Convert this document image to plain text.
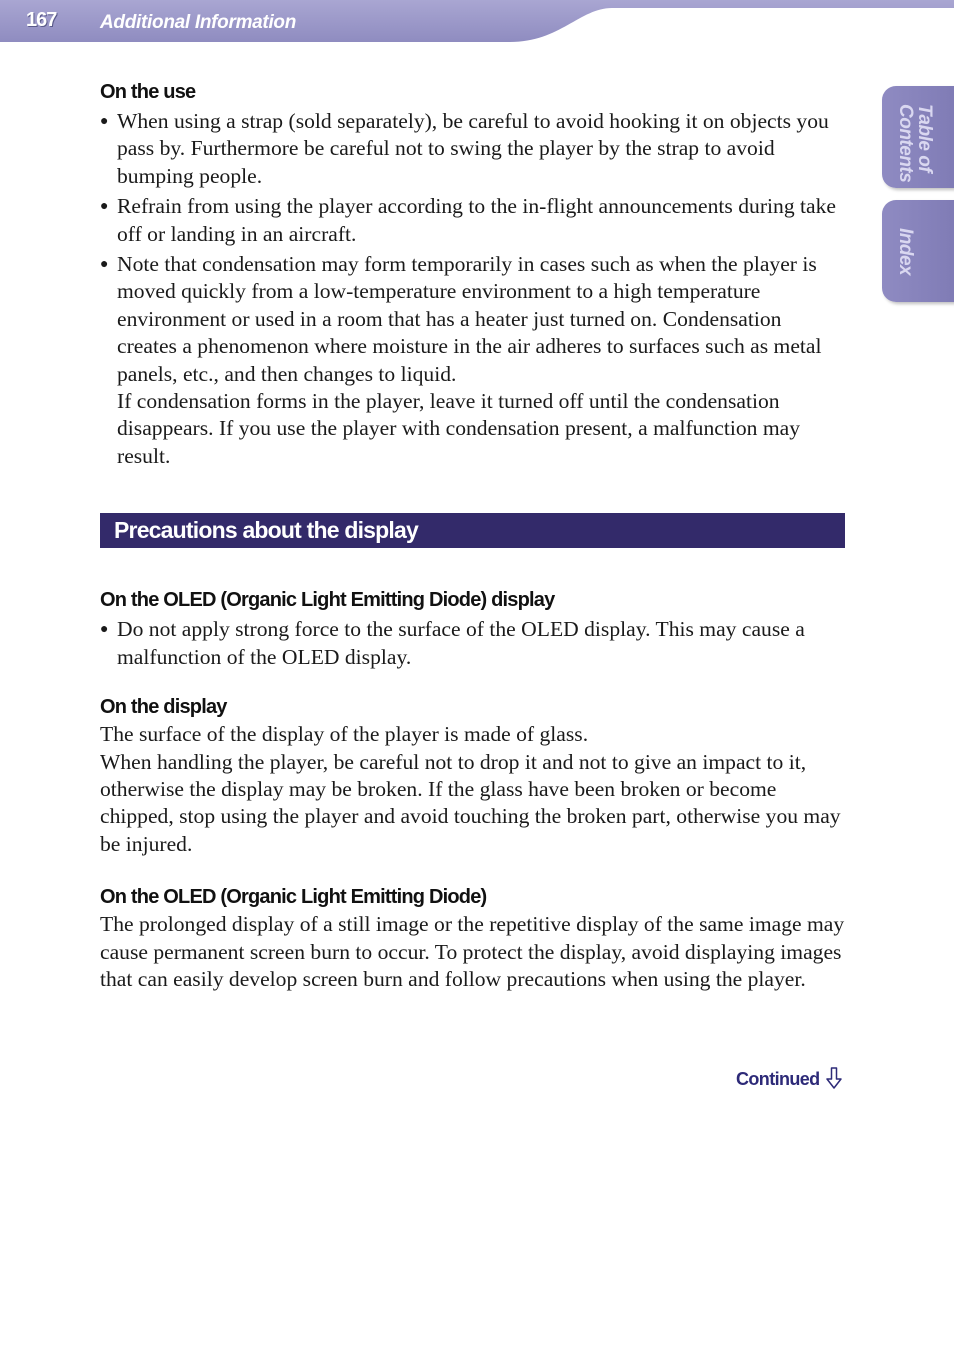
167 Additional Information
Table of Contents
Index
On the use
● When using a strap (sold separately), be careful to avoid hooking it on objects you pass by. Furthermore be careful not to swing the player by the strap to avoid bumping people.
● Refrain from using the player according to the in-flight announcements during take off or landing in an aircraft.
● Note that condensation may form temporarily in cases such as when the player is moved quickly from a low-temperature environment to a high temperature environment or used in a room that has a heater just turned on. Condensation creates a phenomenon where moisture in the air adheres to surfaces such as metal panels, etc., and then changes to liquid.
If condensation forms in the player, leave it turned off until the condensation disappears. If you use the player with condensation present, a malfunction may result.
Precautions about the display
On the OLED (Organic Light Emitting Diode) display
● Do not apply strong force to the surface of the OLED display. This may cause a malfunction of the OLED display.
On the display

The surface of the display of the player is made of glass.

When handling the player, be careful not to drop it and not to give an impact to it, otherwise the display may be broken. If the glass have been broken or become chipped, stop using the player and avoid touching the broken part, otherwise you may be injured.

On the OLED (Organic Light Emitting Diode)

The prolonged display of a still image or the repetitive display of the same image may cause permanent screen burn to occur. To protect the display, avoid displaying images that can easily develop screen burn and follow precautions when using the player.

Continued
